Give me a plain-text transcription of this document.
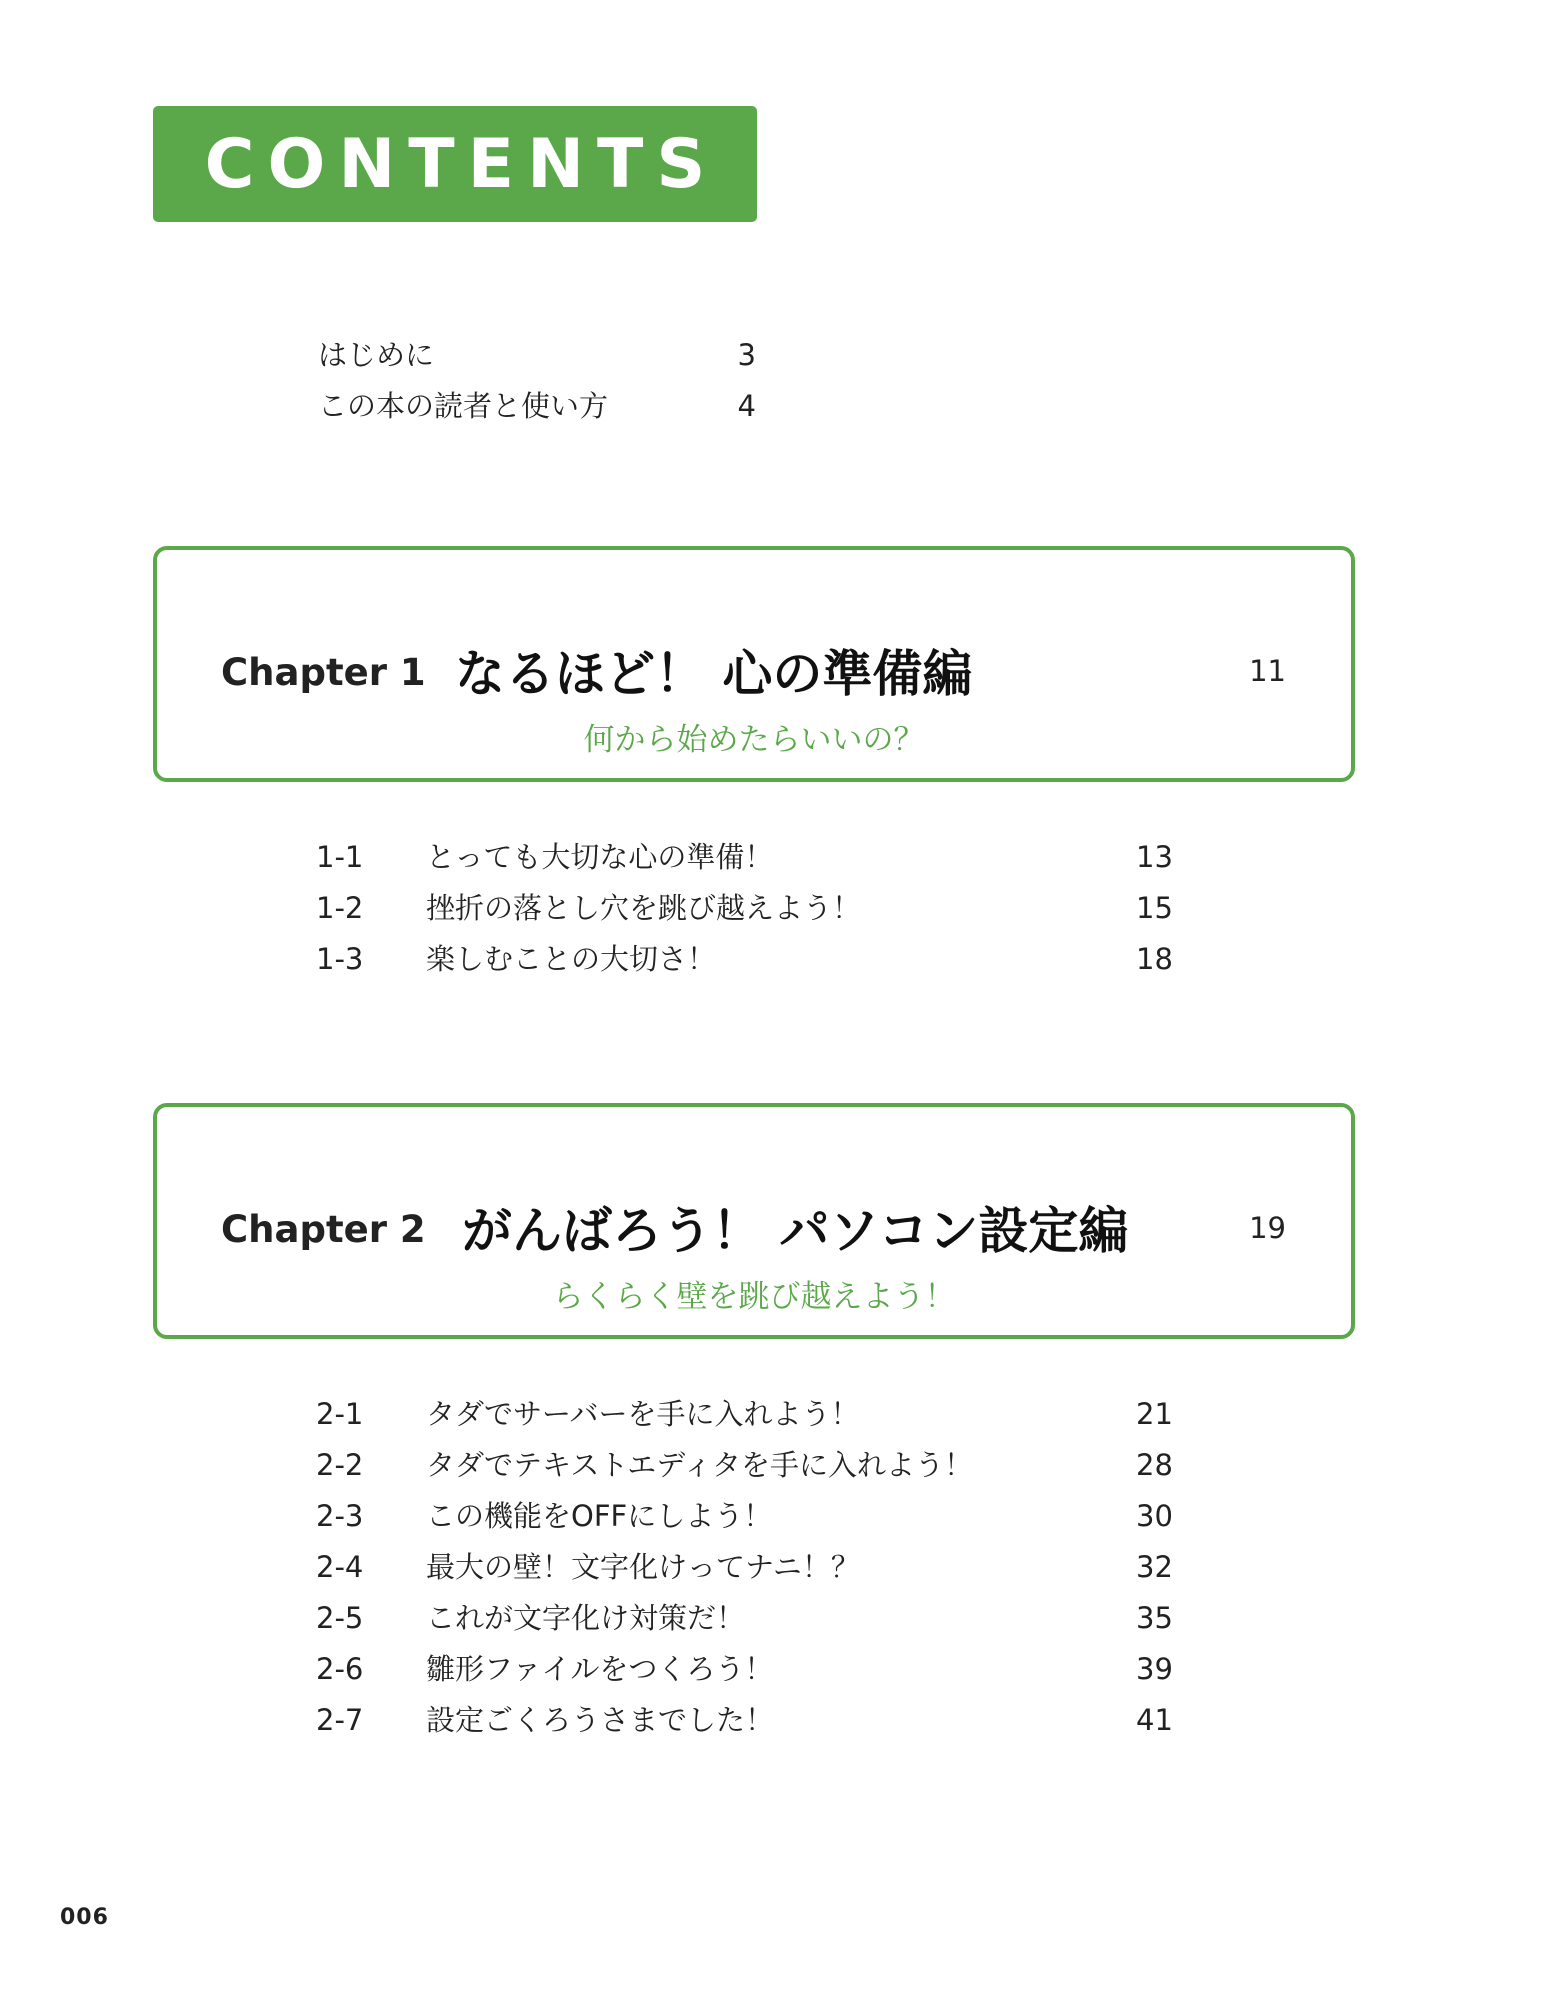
CONTENTS
はじめに	3
この本の読者と使い方	4
Chapter 1 なるほど！ 心の準備編	11
何から始めたらいいの？
1-1 とっても大切な心の準備！	13
1-2 挫折の落とし穴を跳び越えよう！	15
1-3 楽しむことの大切さ！	18
Chapter 2 がんばろう！ パソコン設定編	19
らくらく壁を跳び越えよう！
2-1 タダでサーバーを手に入れよう！	21
2-2 タダでテキストエディタを手に入れよう！	28
2-3 この機能をOFFにしよう！	30
2-4 最大の壁！文字化けってナニ！？	32
2-5 これが文字化け対策だ！	35
2-6 雛形ファイルをつくろう！	39
2-7 設定ごくろうさまでした！	41
006
